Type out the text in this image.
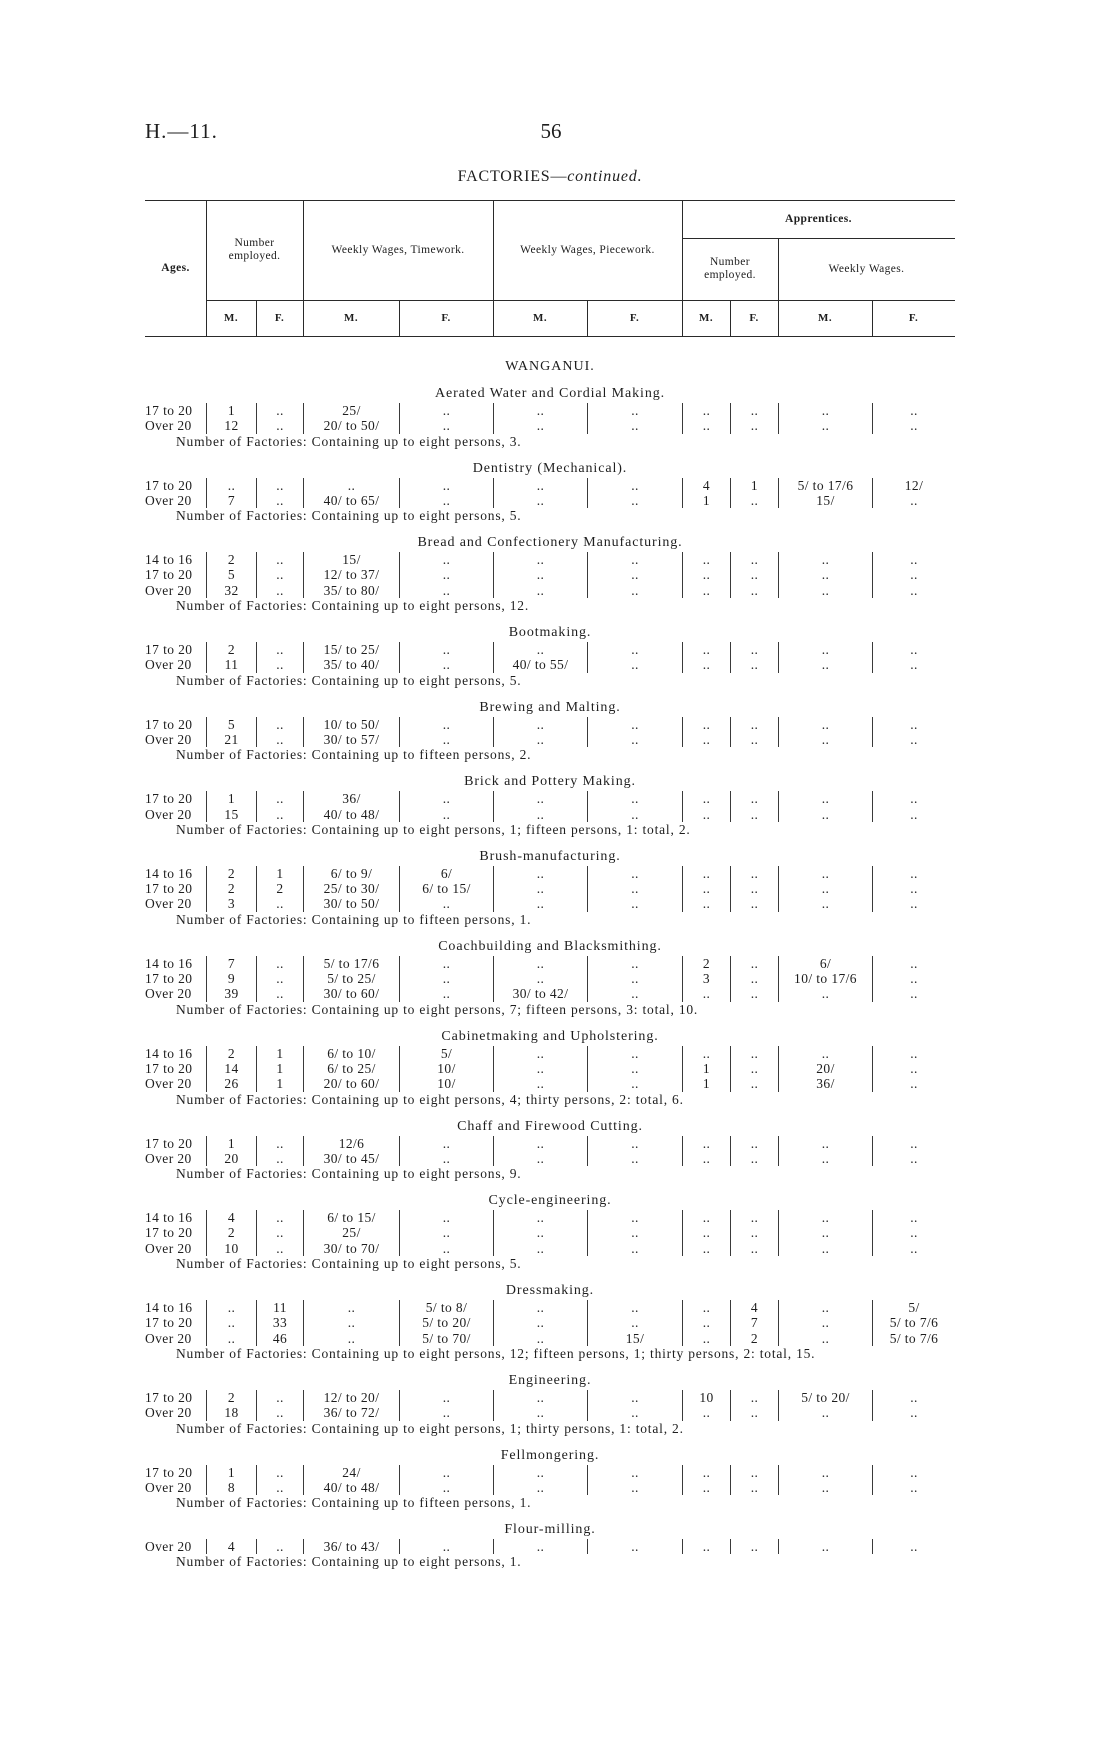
H.—11.	56
FACTORIES—continued.
Ages.
Number employed.
Weekly Wages, Timework.	Weekly Wages, Piecework.
Apprentices.
Number employed.
Weekly Wages.
M.	F.	M.	F.	M.	F.	M.	F.	M.	F.
WANGANUI.
Aerated Water and Cordial Making.
17 to 20	1	..	25/	..	..	..	..	..	..	..
Over 20	12	..	20/ to 50/	..	..	..	..	..	..	..
Number of Factories: Containing up to eight persons, 3.
Dentistry (Mechanical).
17 to 20	..	..	..	..	..	..	4	1	5/ to 17/6	12/
Over 20	7	..	40/ to 65/	..	..	..	1	..	15/	..
Number of Factories: Containing up to eight persons, 5.
Bread and Confectionery Manufacturing.
14 to 16	2	..	15/	..	..	..	..	..	..	..
17 to 20	5	..	12/ to 37/	..	..	..	..	..	..	..
Over 20	32	..	35/ to 80/	..	..	..	..	..	..	..
Number of Factories: Containing up to eight persons, 12.
Bootmaking.
17 to 20	2	..	15/ to 25/	..	..	..	..	..	..	..
Over 20	11	..	35/ to 40/	..	40/ to 55/	..	..	..	..	..
Number of Factories: Containing up to eight persons, 5.
Brewing and Malting.
17 to 20	5	..	10/ to 50/	..	..	..	..	..	..	..
Over 20	21	..	30/ to 57/	..	..	..	..	..	..	..
Number of Factories: Containing up to fifteen persons, 2.
Brick and Pottery Making.
17 to 20	1	..	36/	..	..	..	..	..	..	..
Over 20	15	..	40/ to 48/	..	..	..	..	..	..	..
Number of Factories: Containing up to eight persons, 1; fifteen persons, 1: total, 2.
Brush-manufacturing.
14 to 16	2	1	6/ to 9/	6/	..	..	..	..	..	..
17 to 20	2	2	25/ to 30/	6/ to 15/	..	..	..	..	..	..
Over 20	3	..	30/ to 50/	..	..	..	..	..	..	..
Number of Factories: Containing up to fifteen persons, 1.
Coachbuilding and Blacksmithing.
14 to 16	7	..	5/ to 17/6	..	..	..	2	..	6/	..
17 to 20	9	..	5/ to 25/	..	..	..	3	..	10/ to 17/6	..
Over 20	39	..	30/ to 60/	..	30/ to 42/	..	..	..	..	..
Number of Factories: Containing up to eight persons, 7; fifteen persons, 3: total, 10.
Cabinetmaking and Upholstering.
14 to 16	2	1	6/ to 10/	5/	..	..	..	..	..	..
17 to 20	14	1	6/ to 25/	10/	..	..	1	..	20/	..
Over 20	26	1	20/ to 60/	10/	..	..	1	..	36/	..
Number of Factories: Containing up to eight persons, 4; thirty persons, 2: total, 6.
Chaff and Firewood Cutting.
17 to 20	1	..	12/6	..	..	..	..	..	..	..
Over 20	20	..	30/ to 45/	..	..	..	..	..	..	..
Number of Factories: Containing up to eight persons, 9.
Cycle-engineering.
14 to 16	4	..	6/ to 15/	..	..	..	..	..	..	..
17 to 20	2	..	25/	..	..	..	..	..	..	..
Over 20	10	..	30/ to 70/	..	..	..	..	..	..	..
Number of Factories: Containing up to eight persons, 5.
Dressmaking.
14 to 16	..	11	..	5/ to 8/	..	..	..	4	..	5/
17 to 20	..	33	..	5/ to 20/	..	..	..	7	..	5/ to 7/6
Over 20	..	46	..	5/ to 70/	..	15/	..	2	..	5/ to 7/6
Number of Factories: Containing up to eight persons, 12; fifteen persons, 1; thirty persons, 2: total, 15.
Engineering.
17 to 20	2	..	12/ to 20/	..	..	..	10	..	5/ to 20/	..
Over 20	18	..	36/ to 72/	..	..	..	..	..	..	..
Number of Factories: Containing up to eight persons, 1; thirty persons, 1: total, 2.
Fellmongering.
17 to 20	1	..	24/	..	..	..	..	..	..	..
Over 20	8	..	40/ to 48/	..	..	..	..	..	..	..
Number of Factories: Containing up to fifteen persons, 1.
Flour-milling.
Over 20	4	..	36/ to 43/	..	..	..	..	..	..	..
Number of Factories: Containing up to eight persons, 1.
